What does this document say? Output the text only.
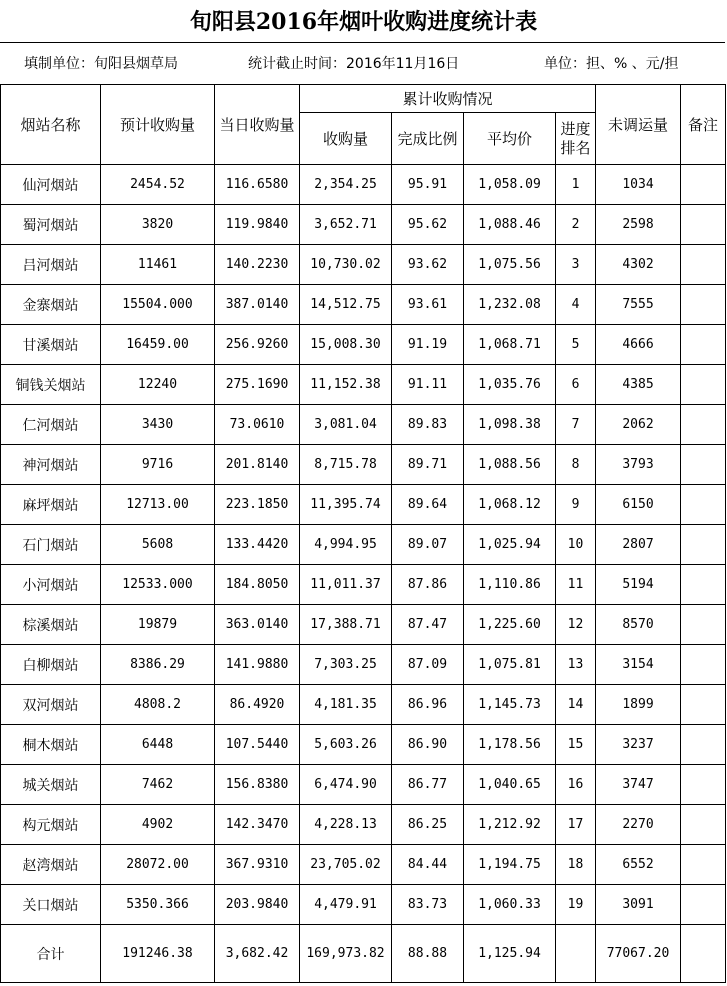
旬阳县2016年烟叶收购进度统计表
填制单位：旬阳县烟草局	统计截止时间：2016年11月16日	单位：担、% 、元/担
烟站名称	预计收购量	当日收购量	累计收购情况				未调运量	备注
			收购量	完成比例	平均价	进度排名		
仙河烟站	2454.52	116.6580	2,354.25	95.91	1,058.09	1	1034	
蜀河烟站	3820	119.9840	3,652.71	95.62	1,088.46	2	2598	
吕河烟站	11461	140.2230	10,730.02	93.62	1,075.56	3	4302	
金寨烟站	15504.000	387.0140	14,512.75	93.61	1,232.08	4	7555	
甘溪烟站	16459.00	256.9260	15,008.30	91.19	1,068.71	5	4666	
铜钱关烟站	12240	275.1690	11,152.38	91.11	1,035.76	6	4385	
仁河烟站	3430	73.0610	3,081.04	89.83	1,098.38	7	2062	
神河烟站	9716	201.8140	8,715.78	89.71	1,088.56	8	3793	
麻坪烟站	12713.00	223.1850	11,395.74	89.64	1,068.12	9	6150	
石门烟站	5608	133.4420	4,994.95	89.07	1,025.94	10	2807	
小河烟站	12533.000	184.8050	11,011.37	87.86	1,110.86	11	5194	
棕溪烟站	19879	363.0140	17,388.71	87.47	1,225.60	12	8570	
白柳烟站	8386.29	141.9880	7,303.25	87.09	1,075.81	13	3154	
双河烟站	4808.2	86.4920	4,181.35	86.96	1,145.73	14	1899	
桐木烟站	6448	107.5440	5,603.26	86.90	1,178.56	15	3237	
城关烟站	7462	156.8380	6,474.90	86.77	1,040.65	16	3747	
构元烟站	4902	142.3470	4,228.13	86.25	1,212.92	17	2270	
赵湾烟站	28072.00	367.9310	23,705.02	84.44	1,194.75	18	6552	
关口烟站	5350.366	203.9840	4,479.91	83.73	1,060.33	19	3091	
合计	191246.38	3,682.42	169,973.82	88.88	1,125.94		77067.20	
